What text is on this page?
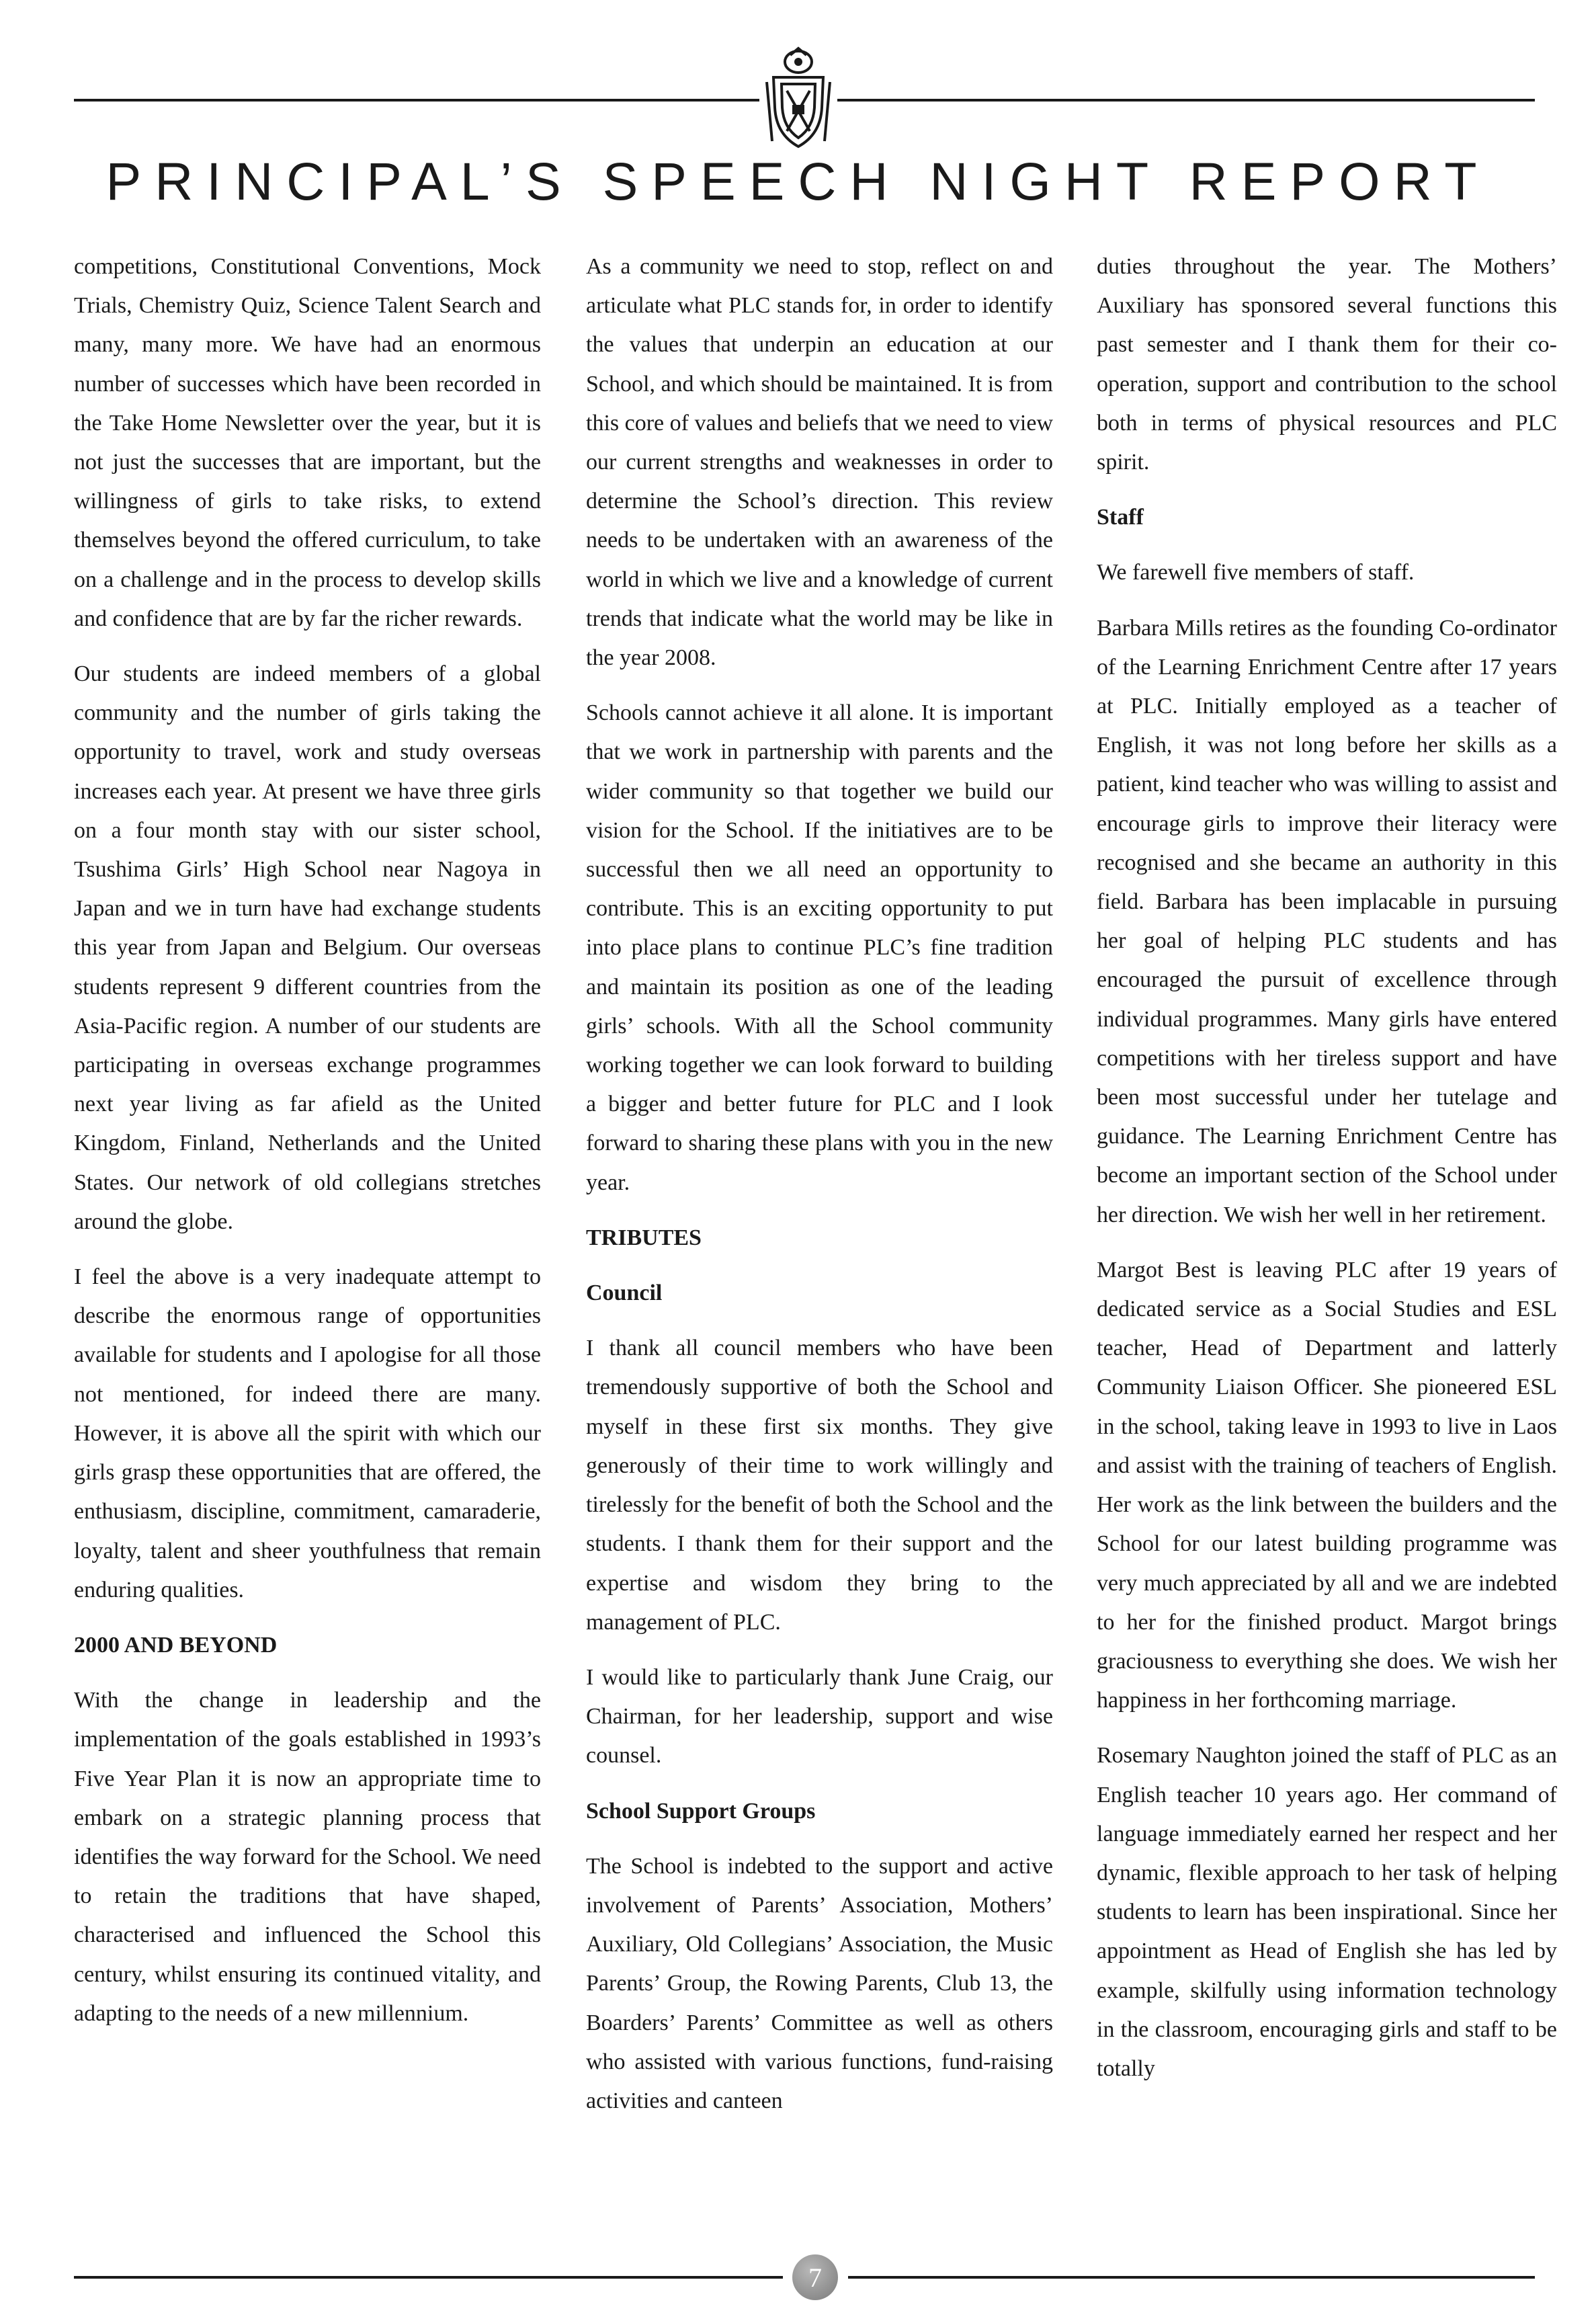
PRINCIPAL’S SPEECH NIGHT REPORT

competitions, Constitutional Conventions, Mock Trials, Chemistry Quiz, Science Talent Search and many, many more. We have had an enormous number of successes which have been recorded in the Take Home Newsletter over the year, but it is not just the successes that are important, but the willingness of girls to take risks, to extend themselves beyond the offered curriculum, to take on a challenge and in the process to develop skills and confidence that are by far the richer rewards.

Our students are indeed members of a global community and the number of girls taking the opportunity to travel, work and study overseas increases each year. At present we have three girls on a four month stay with our sister school, Tsushima Girls’ High School near Nagoya in Japan and we in turn have had exchange students this year from Japan and Belgium. Our overseas students represent 9 different countries from the Asia-Pacific region. A number of our students are participating in overseas exchange programmes next year living as far afield as the United Kingdom, Finland, Netherlands and the United States. Our network of old collegians stretches around the globe.

I feel the above is a very inadequate attempt to describe the enormous range of opportunities available for students and I apologise for all those not mentioned, for indeed there are many. However, it is above all the spirit with which our girls grasp these opportunities that are offered, the enthusiasm, discipline, commitment, camaraderie, loyalty, talent and sheer youthfulness that remain enduring qualities.

2000 AND BEYOND

With the change in leadership and the implementation of the goals established in 1993’s Five Year Plan it is now an appropriate time to embark on a strategic planning process that identifies the way forward for the School. We need to retain the traditions that have shaped, characterised and influenced the School this century, whilst ensuring its continued vitality, and adapting to the needs of a new millennium.

As a community we need to stop, reflect on and articulate what PLC stands for, in order to identify the values that underpin an education at our School, and which should be maintained. It is from this core of values and beliefs that we need to view our current strengths and weaknesses in order to determine the School’s direction. This review needs to be undertaken with an awareness of the world in which we live and a knowledge of current trends that indicate what the world may be like in the year 2008.

Schools cannot achieve it all alone. It is important that we work in partnership with parents and the wider community so that together we build our vision for the School. If the initiatives are to be successful then we all need an opportunity to contribute. This is an exciting opportunity to put into place plans to continue PLC’s fine tradition and maintain its position as one of the leading girls’ schools. With all the School community working together we can look forward to building a bigger and better future for PLC and I look forward to sharing these plans with you in the new year.

TRIBUTES
Council

I thank all council members who have been tremendously supportive of both the School and myself in these first six months. They give generously of their time to work willingly and tirelessly for the benefit of both the School and the students. I thank them for their support and the expertise and wisdom they bring to the management of PLC.

I would like to particularly thank June Craig, our Chairman, for her leadership, support and wise counsel.

School Support Groups

The School is indebted to the support and active involvement of Parents’ Association, Mothers’ Auxiliary, Old Collegians’ Association, the Music Parents’ Group, the Rowing Parents, Club 13, the Boarders’ Parents’ Committee as well as others who assisted with various functions, fund-raising activities and canteen

duties throughout the year. The Mothers’ Auxiliary has sponsored several functions this past semester and I thank them for their co-operation, support and contribution to the school both in terms of physical resources and PLC spirit.

Staff

We farewell five members of staff.

Barbara Mills retires as the founding Co-ordinator of the Learning Enrichment Centre after 17 years at PLC. Initially employed as a teacher of English, it was not long before her skills as a patient, kind teacher who was willing to assist and encourage girls to improve their literacy were recognised and she became an authority in this field. Barbara has been implacable in pursuing her goal of helping PLC students and has encouraged the pursuit of excellence through individual programmes. Many girls have entered competitions with her tireless support and have been most successful under her tutelage and guidance. The Learning Enrichment Centre has become an important section of the School under her direction. We wish her well in her retirement.

Margot Best is leaving PLC after 19 years of dedicated service as a Social Studies and ESL teacher, Head of Department and latterly Community Liaison Officer. She pioneered ESL in the school, taking leave in 1993 to live in Laos and assist with the training of teachers of English. Her work as the link between the builders and the School for our latest building programme was very much appreciated by all and we are indebted to her for the finished product. Margot brings graciousness to everything she does. We wish her happiness in her forthcoming marriage.

Rosemary Naughton joined the staff of PLC as an English teacher 10 years ago. Her command of language immediately earned her respect and her dynamic, flexible approach to her task of helping students to learn has been inspirational. Since her appointment as Head of English she has led by example, skilfully using information technology in the classroom, encouraging girls and staff to be totally

7
